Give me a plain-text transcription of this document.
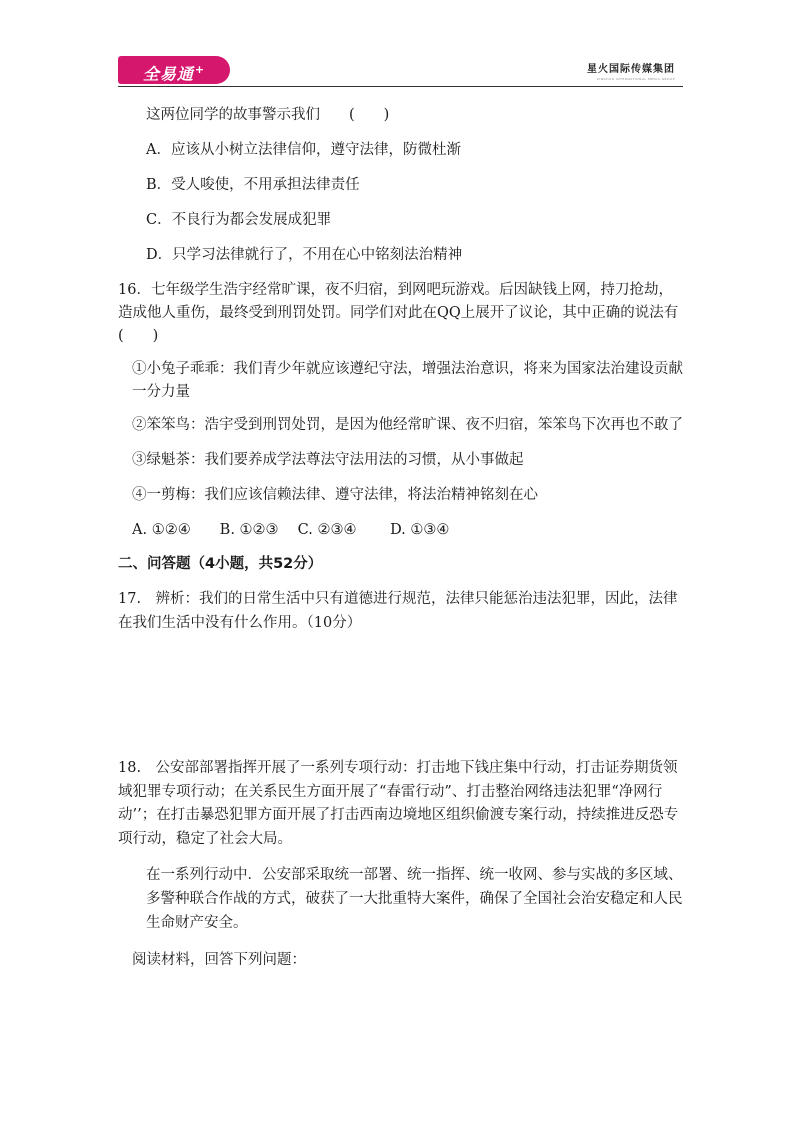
全易通+	星火国际传媒集团
XINGHUO INTERNATIONAL MEDIA GROUP

这两位同学的故事警示我们　　(　　)

A．应该从小树立法律信仰，遵守法律，防微杜渐

B．受人唆使，不用承担法律责任

C．不良行为都会发展成犯罪

D．只学习法律就行了，不用在心中铭刻法治精神

16．七年级学生浩宇经常旷课，夜不归宿，到网吧玩游戏。后因缺钱上网，持刀抢劫，造成他人重伤，最终受到刑罚处罚。同学们对此在QQ上展开了议论，其中正确的说法有(　　)

①小兔子乖乖：我们青少年就应该遵纪守法，增强法治意识，将来为国家法治建设贡献一分力量

②笨笨鸟：浩宇受到刑罚处罚，是因为他经常旷课、夜不归宿，笨笨鸟下次再也不敢了

③绿魁茶：我们要养成学法尊法守法用法的习惯，从小事做起

④一剪梅：我们应该信赖法律、遵守法律，将法治精神铭刻在心

A. ①②④　　B. ①②③　 C. ②③④　　 D. ①③④

二、问答题（4小题，共52分）

17.　辨析：我们的日常生活中只有道德进行规范，法律只能惩治违法犯罪，因此，法律在我们生活中没有什么作用。（10分）

18.　公安部部署指挥开展了一系列专项行动：打击地下钱庄集中行动，打击证券期货领域犯罪专项行动；在关系民生方面开展了“春雷行动”、打击整治网络违法犯罪“净网行动’’；在打击暴恐犯罪方面开展了打击西南边境地区组织偷渡专案行动，持续推进反恐专项行动，稳定了社会大局。

在一系列行动中．公安部采取统一部署、统一指挥、统一收网、参与实战的多区域、多警种联合作战的方式，破获了一大批重特大案件，确保了全国社会治安稳定和人民生命财产安全。

阅读材料，回答下列问题：
